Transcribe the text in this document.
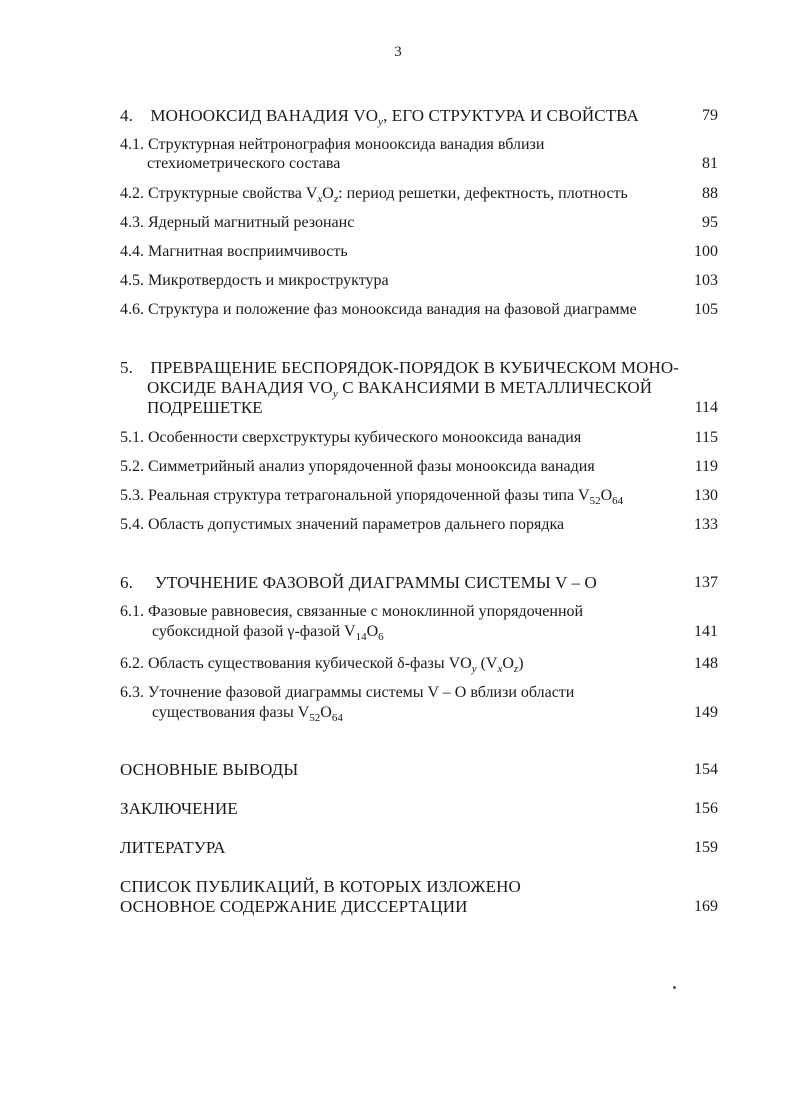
3
4. МОНООКСИД ВАНАДИЯ $VO_y$, ЕГО СТРУКТУРА И СВОЙСТВА	79
4.1. Структурная нейтронография монооксида ванадия вблизи
стехиометрического состава	81
4.2. Структурные свойства $V_xO_z$: период решетки, дефектность, плотность	88
4.3. Ядерный магнитный резонанс	95
4.4. Магнитная восприимчивость	100
4.5. Микротвердость и микроструктура	103
4.6. Структура и положение фаз монооксида ванадия на фазовой диаграмме	105
5. ПРЕВРАЩЕНИЕ БЕСПОРЯДОК-ПОРЯДОК В КУБИЧЕСКОМ МОНО-
ОКСИДЕ ВАНАДИЯ $VO_y$ С ВАКАНСИЯМИ В МЕТАЛЛИЧЕСКОЙ
ПОДРЕШЕТКЕ	114
5.1. Особенности сверхструктуры кубического монооксида ванадия	115
5.2. Симметрийный анализ упорядоченной фазы монооксида ванадия	119
5.3. Реальная структура тетрагональной упорядоченной фазы типа $V_{52}O_{64}$	130
5.4. Область допустимых значений параметров дальнего порядка	133
6. УТОЧНЕНИЕ ФАЗОВОЙ ДИАГРАММЫ СИСТЕМЫ V – O	137
6.1. Фазовые равновесия, связанные с моноклинной упорядоченной
субоксидной фазой γ-фазой $V_{14}O_6$	141
6.2. Область существования кубической δ-фазы $VO_y$ $(V_xO_z)$	148
6.3. Уточнение фазовой диаграммы системы V – O вблизи области
существования фазы $V_{52}O_{64}$	149
ОСНОВНЫЕ ВЫВОДЫ	154
ЗАКЛЮЧЕНИЕ	156
ЛИТЕРАТУРА	159
СПИСОК ПУБЛИКАЦИЙ, В КОТОРЫХ ИЗЛОЖЕНО
ОСНОВНОЕ СОДЕРЖАНИЕ ДИССЕРТАЦИИ	169
